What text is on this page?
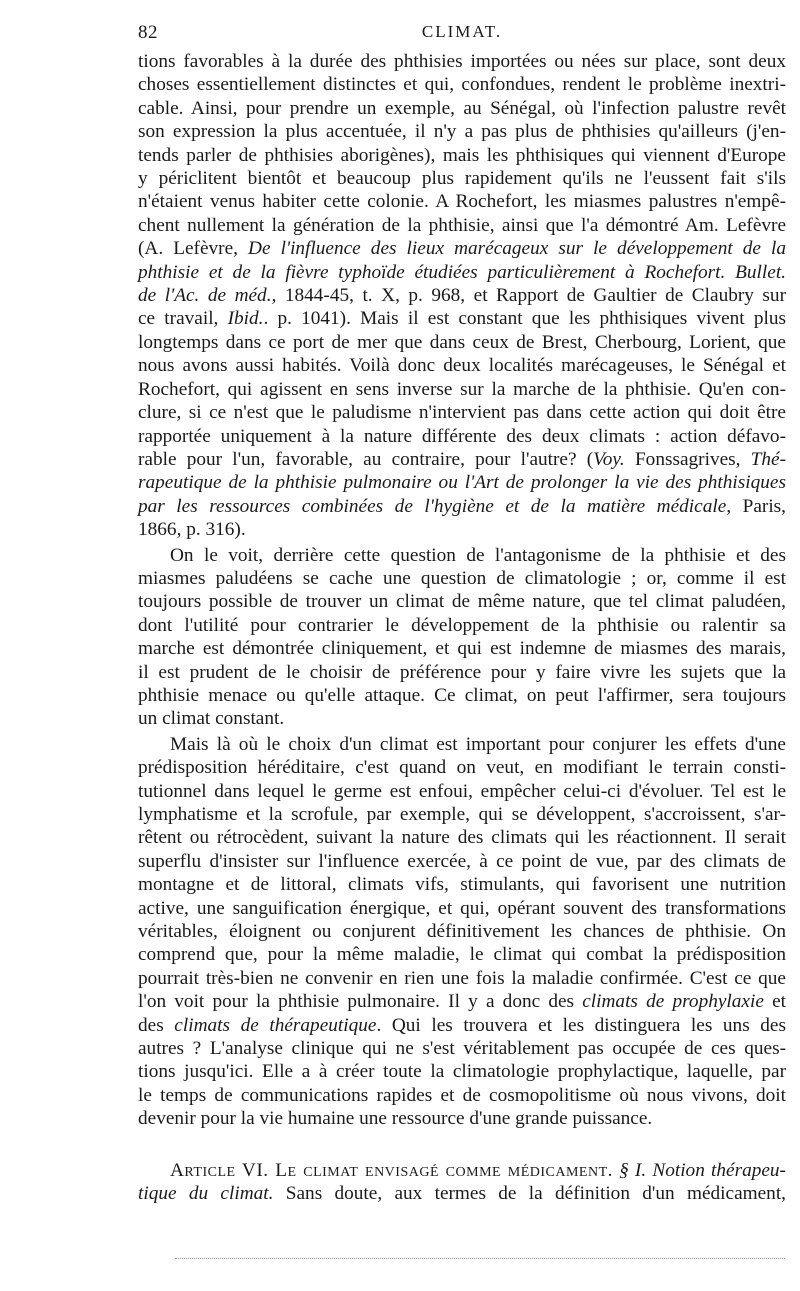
82	CLIMAT.

tions favorables à la durée des phthisies importées ou nées sur place, sont deux
choses essentiellement distinctes et qui, confondues, rendent le problème inextri-
cable. Ainsi, pour prendre un exemple, au Sénégal, où l'infection palustre revêt
son expression la plus accentuée, il n'y a pas plus de phthisies qu'ailleurs (j'en-
tends parler de phthisies aborigènes), mais les phthisiques qui viennent d'Europe
y périclitent bientôt et beaucoup plus rapidement qu'ils ne l'eussent fait s'ils
n'étaient venus habiter cette colonie. A Rochefort, les miasmes palustres n'empê-
chent nullement la génération de la phthisie, ainsi que l'a démontré Am. Lefèvre
(A. Lefèvre, De l'influence des lieux marécageux sur le développement de la
phthisie et de la fièvre typhoïde étudiées particulièrement à Rochefort. Bullet.
de l'Ac. de méd., 1844-45, t. X, p. 968, et Rapport de Gaultier de Claubry sur
ce travail, Ibid.. p. 1041). Mais il est constant que les phthisiques vivent plus
longtemps dans ce port de mer que dans ceux de Brest, Cherbourg, Lorient, que
nous avons aussi habités. Voilà donc deux localités marécageuses, le Sénégal et
Rochefort, qui agissent en sens inverse sur la marche de la phthisie. Qu'en con-
clure, si ce n'est que le paludisme n'intervient pas dans cette action qui doit être
rapportée uniquement à la nature différente des deux climats : action défavo-
rable pour l'un, favorable, au contraire, pour l'autre? (Voy. Fonssagrives, Thé-
rapeutique de la phthisie pulmonaire ou l'Art de prolonger la vie des phthisiques
par les ressources combinées de l'hygiène et de la matière médicale, Paris,
1866, p. 316).

On le voit, derrière cette question de l'antagonisme de la phthisie et des
miasmes paludéens se cache une question de climatologie ; or, comme il est
toujours possible de trouver un climat de même nature, que tel climat paludéen,
dont l'utilité pour contrarier le développement de la phthisie ou ralentir sa
marche est démontrée cliniquement, et qui est indemne de miasmes des marais,
il est prudent de le choisir de préférence pour y faire vivre les sujets que la
phthisie menace ou qu'elle attaque. Ce climat, on peut l'affirmer, sera toujours
un climat constant.

Mais là où le choix d'un climat est important pour conjurer les effets d'une
prédisposition héréditaire, c'est quand on veut, en modifiant le terrain consti-
tutionnel dans lequel le germe est enfoui, empêcher celui-ci d'évoluer. Tel est le
lymphatisme et la scrofule, par exemple, qui se développent, s'accroissent, s'ar-
rêtent ou rétrocèdent, suivant la nature des climats qui les réactionnent. Il serait
superflu d'insister sur l'influence exercée, à ce point de vue, par des climats de
montagne et de littoral, climats vifs, stimulants, qui favorisent une nutrition
active, une sanguification énergique, et qui, opérant souvent des transformations
véritables, éloignent ou conjurent définitivement les chances de phthisie. On
comprend que, pour la même maladie, le climat qui combat la prédisposition
pourrait très-bien ne convenir en rien une fois la maladie confirmée. C'est ce que
l'on voit pour la phthisie pulmonaire. Il y a donc des climats de prophylaxie et
des climats de thérapeutique. Qui les trouvera et les distinguera les uns des
autres ? L'analyse clinique qui ne s'est véritablement pas occupée de ces ques-
tions jusqu'ici. Elle a à créer toute la climatologie prophylactique, laquelle, par
le temps de communications rapides et de cosmopolitisme où nous vivons, doit
devenir pour la vie humaine une ressource d'une grande puissance.

Article VI. Le climat envisagé comme médicament. § I. Notion thérapeu-
tique du climat. Sans doute, aux termes de la définition d'un médicament,
